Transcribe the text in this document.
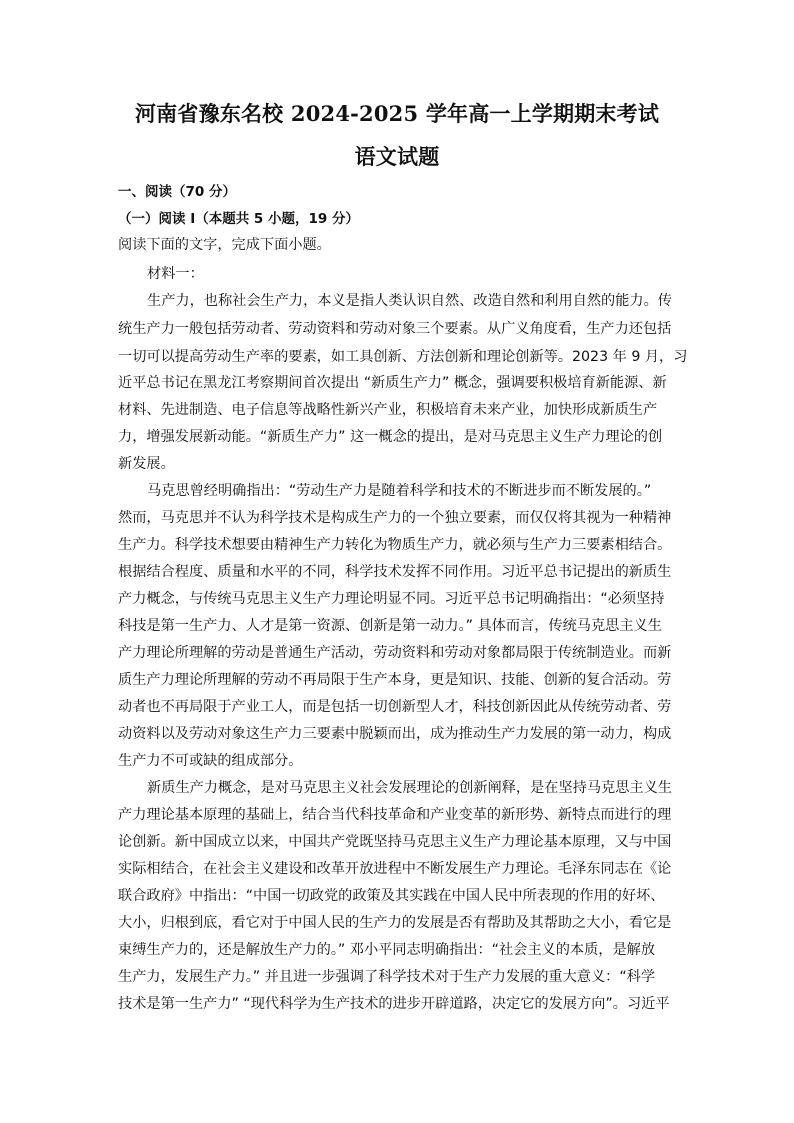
河南省豫东名校 2024-2025 学年高一上学期期末考试
语文试题
一、阅读（70 分）
（一）阅读 I（本题共 5 小题，19 分）
阅读下面的文字，完成下面小题。
材料一：
生产力，也称社会生产力，本义是指人类认识自然、改造自然和利用自然的能力。传
统生产力一般包括劳动者、劳动资料和劳动对象三个要素。从广义角度看，生产力还包括
一切可以提高劳动生产率的要素，如工具创新、方法创新和理论创新等。2023 年 9 月，习
近平总书记在黑龙江考察期间首次提出 “新质生产力” 概念，强调要积极培育新能源、新
材料、先进制造、电子信息等战略性新兴产业，积极培育未来产业，加快形成新质生产
力，增强发展新动能。“新质生产力” 这一概念的提出，是对马克思主义生产力理论的创
新发展。
马克思曾经明确指出：“劳动生产力是随着科学和技术的不断进步而不断发展的。”
然而，马克思并不认为科学技术是构成生产力的一个独立要素，而仅仅将其视为一种精神
生产力。科学技术想要由精神生产力转化为物质生产力，就必须与生产力三要素相结合。
根据结合程度、质量和水平的不同，科学技术发挥不同作用。习近平总书记提出的新质生
产力概念，与传统马克思主义生产力理论明显不同。习近平总书记明确指出：“必须坚持
科技是第一生产力、人才是第一资源、创新是第一动力。” 具体而言，传统马克思主义生
产力理论所理解的劳动是普通生产活动，劳动资料和劳动对象都局限于传统制造业。而新
质生产力理论所理解的劳动不再局限于生产本身，更是知识、技能、创新的复合活动。劳
动者也不再局限于产业工人，而是包括一切创新型人才，科技创新因此从传统劳动者、劳
动资料以及劳动对象这生产力三要素中脱颖而出，成为推动生产力发展的第一动力，构成
生产力不可或缺的组成部分。
新质生产力概念，是对马克思主义社会发展理论的创新阐释，是在坚持马克思主义生
产力理论基本原理的基础上，结合当代科技革命和产业变革的新形势、新特点而进行的理
论创新。新中国成立以来，中国共产党既坚持马克思主义生产力理论基本原理，又与中国
实际相结合，在社会主义建设和改革开放进程中不断发展生产力理论。毛泽东同志在《论
联合政府》中指出：“中国一切政党的政策及其实践在中国人民中所表现的作用的好坏、
大小，归根到底，看它对于中国人民的生产力的发展是否有帮助及其帮助之大小，看它是
束缚生产力的，还是解放生产力的。” 邓小平同志明确指出：“社会主义的本质，是解放
生产力，发展生产力。” 并且进一步强调了科学技术对于生产力发展的重大意义：“科学
技术是第一生产力” “现代科学为生产技术的进步开辟道路，决定它的发展方向”。习近平
